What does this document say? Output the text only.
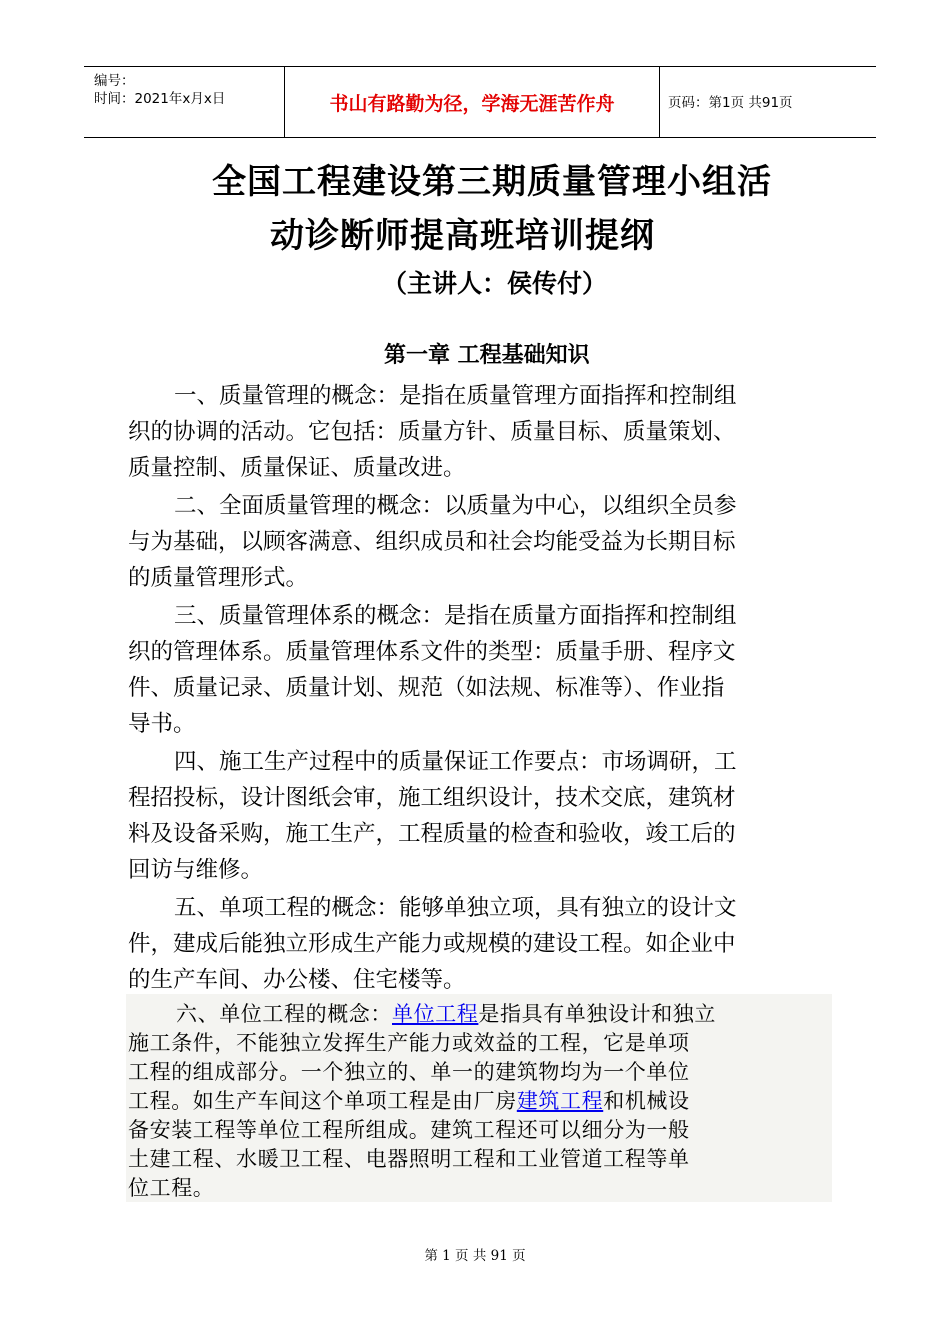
编号：
时间：2021年x月x日	书山有路勤为径，学海无涯苦作舟	页码：第1页 共91页
全国工程建设第三期质量管理小组活
动诊断师提高班培训提纲
（主讲人：侯传付）
第一章 工程基础知识
一、质量管理的概念：是指在质量管理方面指挥和控制组
织的协调的活动。它包括：质量方针、质量目标、质量策划、
质量控制、质量保证、质量改进。
二、全面质量管理的概念：以质量为中心，以组织全员参
与为基础，以顾客满意、组织成员和社会均能受益为长期目标
的质量管理形式。
三、质量管理体系的概念：是指在质量方面指挥和控制组
织的管理体系。质量管理体系文件的类型：质量手册、程序文
件、质量记录、质量计划、规范（如法规、标准等）、作业指
导书。
四、施工生产过程中的质量保证工作要点：市场调研，工
程招投标，设计图纸会审，施工组织设计，技术交底，建筑材
料及设备采购，施工生产，工程质量的检查和验收，竣工后的
回访与维修。
五、单项工程的概念：能够单独立项，具有独立的设计文
件，建成后能独立形成生产能力或规模的建设工程。如企业中
的生产车间、办公楼、住宅楼等。
六、单位工程的概念：单位工程是指具有单独设计和独立
施工条件，不能独立发挥生产能力或效益的工程，它是单项
工程的组成部分。一个独立的、单一的建筑物均为一个单位
工程。如生产车间这个单项工程是由厂房建筑工程和机械设
备安装工程等单位工程所组成。建筑工程还可以细分为一般
土建工程、水暖卫工程、电器照明工程和工业管道工程等单
位工程。
第 1 页 共 91 页
